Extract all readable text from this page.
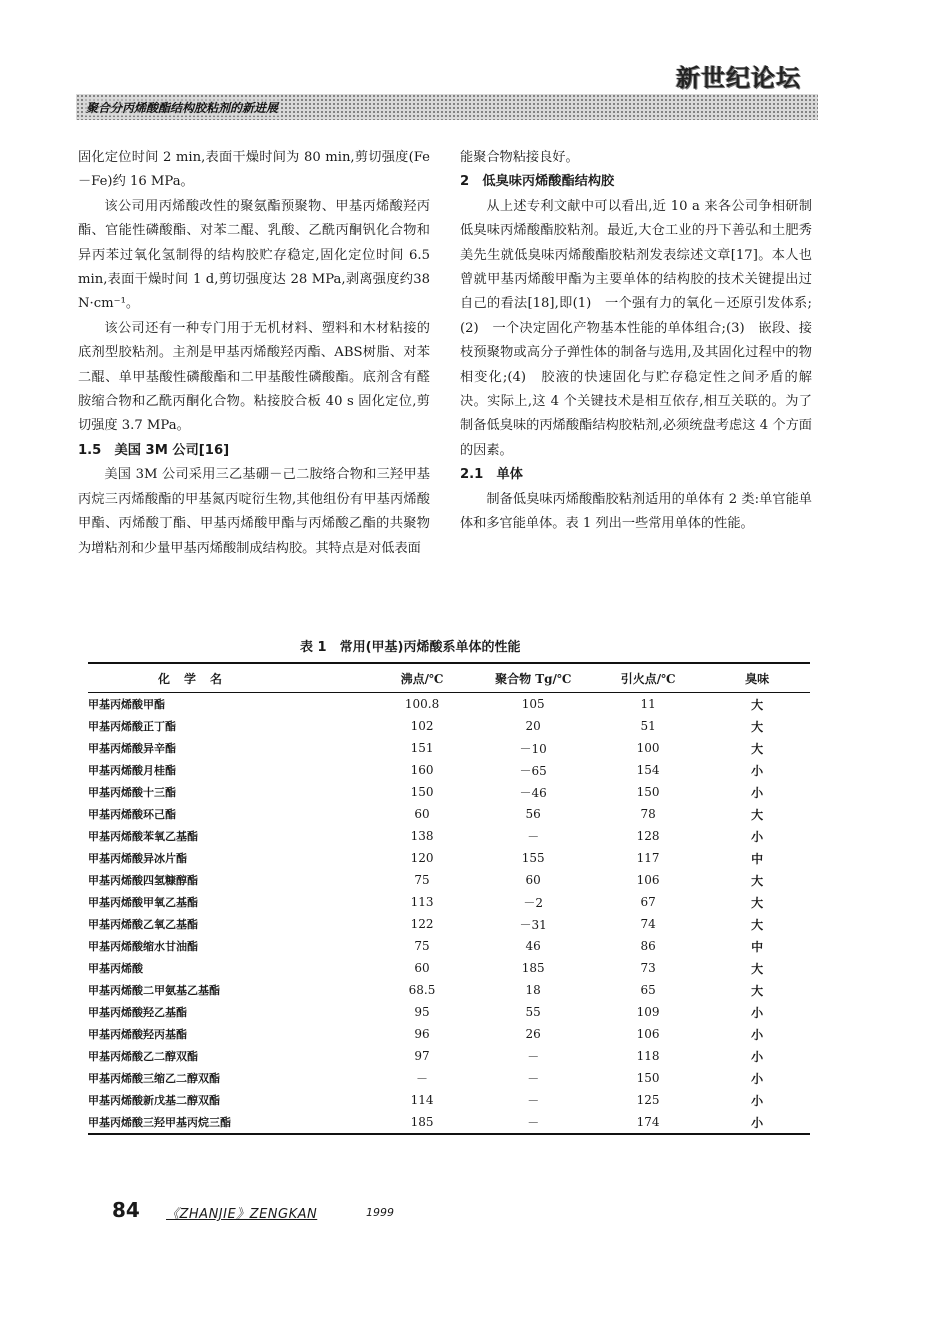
新世纪论坛
聚合分丙烯酸酯结构胶粘剂的新进展

固化定位时间 2 min,表面干燥时间为 80 min,剪切强度(Fe－Fe)约 16 MPa。

该公司用丙烯酸改性的聚氨酯预聚物、甲基丙烯酸羟丙酯、官能性磷酸酯、对苯二醌、乳酸、乙酰丙酮钒化合物和异丙苯过氧化氢制得的结构胶贮存稳定,固化定位时间 6.5 min,表面干燥时间 1 d,剪切强度达 28 MPa,剥离强度约38 N·cm⁻¹。

该公司还有一种专门用于无机材料、塑料和木材粘接的底剂型胶粘剂。主剂是甲基丙烯酸羟丙酯、ABS树脂、对苯二醌、单甲基酸性磷酸酯和二甲基酸性磷酸酯。底剂含有醛胺缩合物和乙酰丙酮化合物。粘接胶合板 40 s 固化定位,剪切强度 3.7 MPa。

1.5　美国 3M 公司[16]

美国 3M 公司采用三乙基硼－己二胺络合物和三羟甲基丙烷三丙烯酸酯的甲基氮丙啶衍生物,其他组份有甲基丙烯酸甲酯、丙烯酸丁酯、甲基丙烯酸甲酯与丙烯酸乙酯的共聚物为增粘剂和少量甲基丙烯酸制成结构胶。其特点是对低表面

能聚合物粘接良好。

2　低臭味丙烯酸酯结构胶

从上述专利文献中可以看出,近 10 a 来各公司争相研制低臭味丙烯酸酯胶粘剂。最近,大仓工业的丹下善弘和土肥秀美先生就低臭味丙烯酸酯胶粘剂发表综述文章[17]。本人也曾就甲基丙烯酸甲酯为主要单体的结构胶的技术关键提出过自己的看法[18],即(1)　一个强有力的氧化－还原引发体系;(2)　一个决定固化产物基本性能的单体组合;(3)　嵌段、接枝预聚物或高分子弹性体的制备与选用,及其固化过程中的物相变化;(4)　胶液的快速固化与贮存稳定性之间矛盾的解决。实际上,这 4 个关键技术是相互依存,相互关联的。为了制备低臭味的丙烯酸酯结构胶粘剂,必须统盘考虑这 4 个方面的因素。

2.1　单体

制备低臭味丙烯酸酯胶粘剂适用的单体有 2 类:单官能单体和多官能单体。表 1 列出一些常用单体的性能。

表 1　常用(甲基)丙烯酸系单体的性能
化学名	沸点/℃	聚合物 Tg/℃	引火点/℃	臭味
甲基丙烯酸甲酯	100.8	105	11	大
甲基丙烯酸正丁酯	102	20	51	大
甲基丙烯酸异辛酯	151	－10	100	大
甲基丙烯酸月桂酯	160	－65	154	小
甲基丙烯酸十三酯	150	－46	150	小
甲基丙烯酸环己酯	60	56	78	大
甲基丙烯酸苯氧乙基酯	138	－	128	小
甲基丙烯酸异冰片酯	120	155	117	中
甲基丙烯酸四氢糠醇酯	75	60	106	大
甲基丙烯酸甲氧乙基酯	113	－2	67	大
甲基丙烯酸乙氧乙基酯	122	－31	74	大
甲基丙烯酸缩水甘油酯	75	46	86	中
甲基丙烯酸	60	185	73	大
甲基丙烯酸二甲氨基乙基酯	68.5	18	65	大
甲基丙烯酸羟乙基酯	95	55	109	小
甲基丙烯酸羟丙基酯	96	26	106	小
甲基丙烯酸乙二醇双酯	97	－	118	小
甲基丙烯酸三缩乙二醇双酯	－	－	150	小
甲基丙烯酸新戊基二醇双酯	114	－	125	小
甲基丙烯酸三羟甲基丙烷三酯	185	－	174	小
84 《ZHANJIE》ZENGKAN	1999
